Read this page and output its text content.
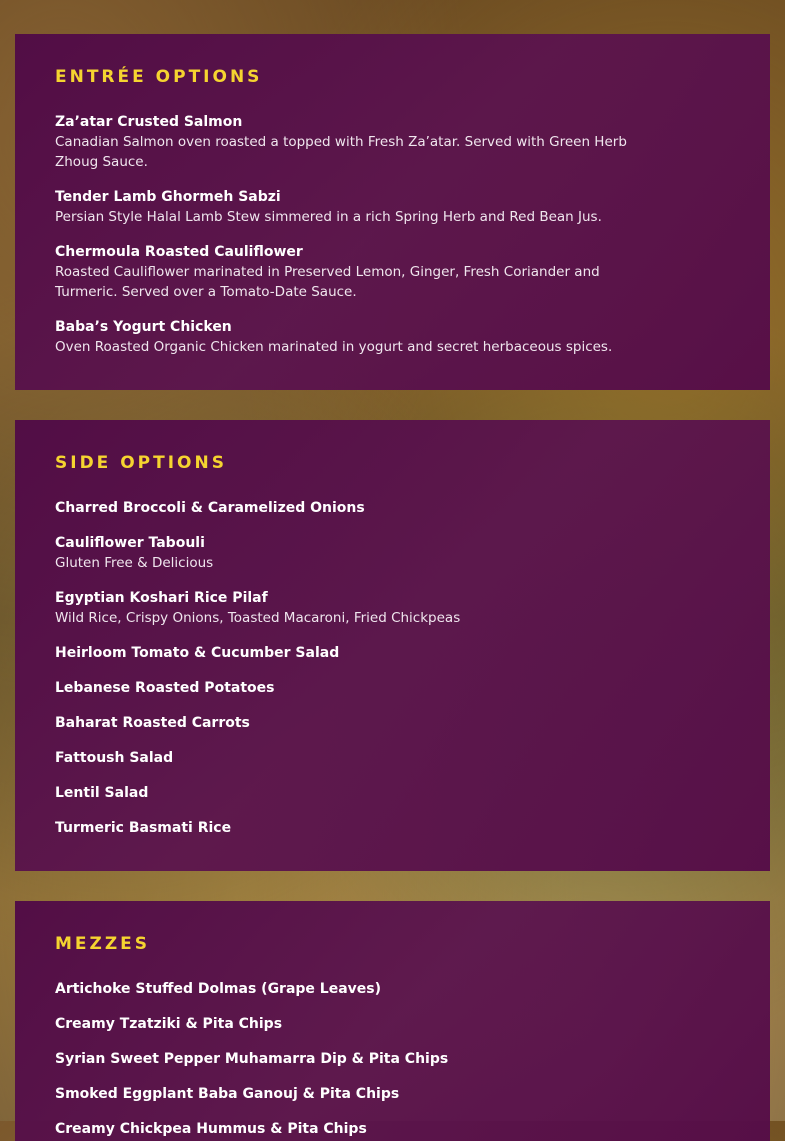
ENTRÉE OPTIONS
Za’atar Crusted Salmon
Canadian Salmon oven roasted a topped with Fresh Za’atar. Served with Green Herb Zhoug Sauce.
Tender Lamb Ghormeh Sabzi
Persian Style Halal Lamb Stew simmered in a rich Spring Herb and Red Bean Jus.
Chermoula Roasted Cauliflower
Roasted Cauliflower marinated in Preserved Lemon, Ginger, Fresh Coriander and Turmeric. Served over a Tomato-Date Sauce.
Baba’s Yogurt Chicken
Oven Roasted Organic Chicken marinated in yogurt and secret herbaceous spices.
SIDE OPTIONS
Charred Broccoli & Caramelized Onions
Cauliflower Tabouli
Gluten Free & Delicious
Egyptian Koshari Rice Pilaf
Wild Rice, Crispy Onions, Toasted Macaroni, Fried Chickpeas
Heirloom Tomato & Cucumber Salad
Lebanese Roasted Potatoes
Baharat Roasted Carrots
Fattoush Salad
Lentil Salad
Turmeric Basmati Rice
MEZZES
Artichoke Stuffed Dolmas (Grape Leaves)
Creamy Tzatziki & Pita Chips
Syrian Sweet Pepper Muhamarra Dip & Pita Chips
Smoked Eggplant Baba Ganouj & Pita Chips
Creamy Chickpea Hummus & Pita Chips
